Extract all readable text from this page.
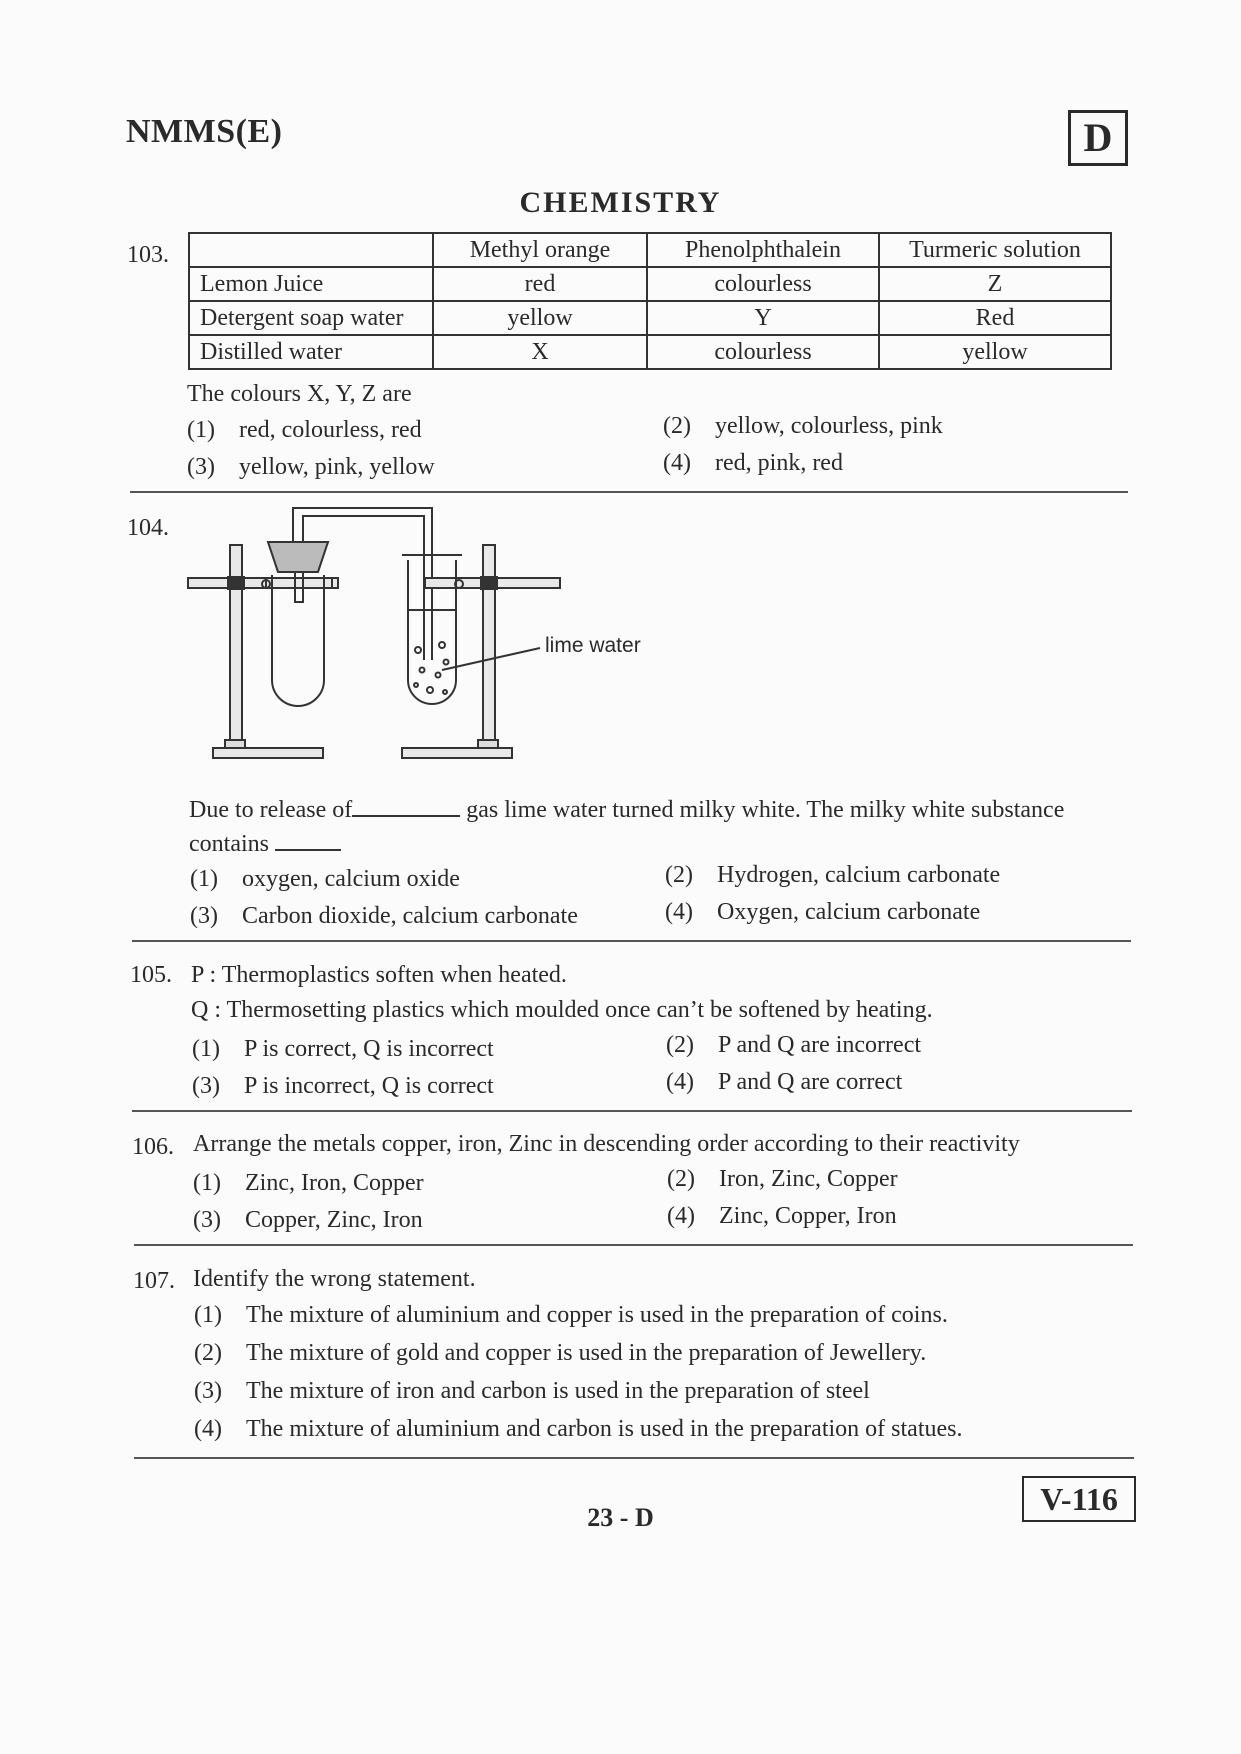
NMMS(E)	D
CHEMISTRY
103.
		Methyl orange	Phenolphthalein	Turmeric solution
Lemon Juice	red	colourless	Z
Detergent soap water	yellow	Y	Red
Distilled water	X	colourless	yellow
The colours X, Y, Z are
(1) red, colourless, red	(2) yellow, colourless, pink
(3) yellow, pink, yellow	(4) red, pink, red
104.
lime water
Due to release of	gas lime water turned milky white. The milky white substance
contains
(1) oxygen, calcium oxide	(2) Hydrogen, calcium carbonate
(3) Carbon dioxide, calcium carbonate	(4) Oxygen, calcium carbonate
105. P : Thermoplastics soften when heated.
Q : Thermosetting plastics which moulded once can’t be softened by heating.
(1) P is correct, Q is incorrect	(2) P and Q are incorrect
(3) P is incorrect, Q is correct	(4) P and Q are correct
106. Arrange the metals copper, iron, Zinc in descending order according to their reactivity
(1) Zinc, Iron, Copper	(2) Iron, Zinc, Copper
(3) Copper, Zinc, Iron	(4) Zinc, Copper, Iron
107. Identify the wrong statement.
(1) The mixture of aluminium and copper is used in the preparation of coins.
(2) The mixture of gold and copper is used in the preparation of Jewellery.
(3) The mixture of iron and carbon is used in the preparation of steel
(4) The mixture of aluminium and carbon is used in the preparation of statues.
V-116
23 - D
